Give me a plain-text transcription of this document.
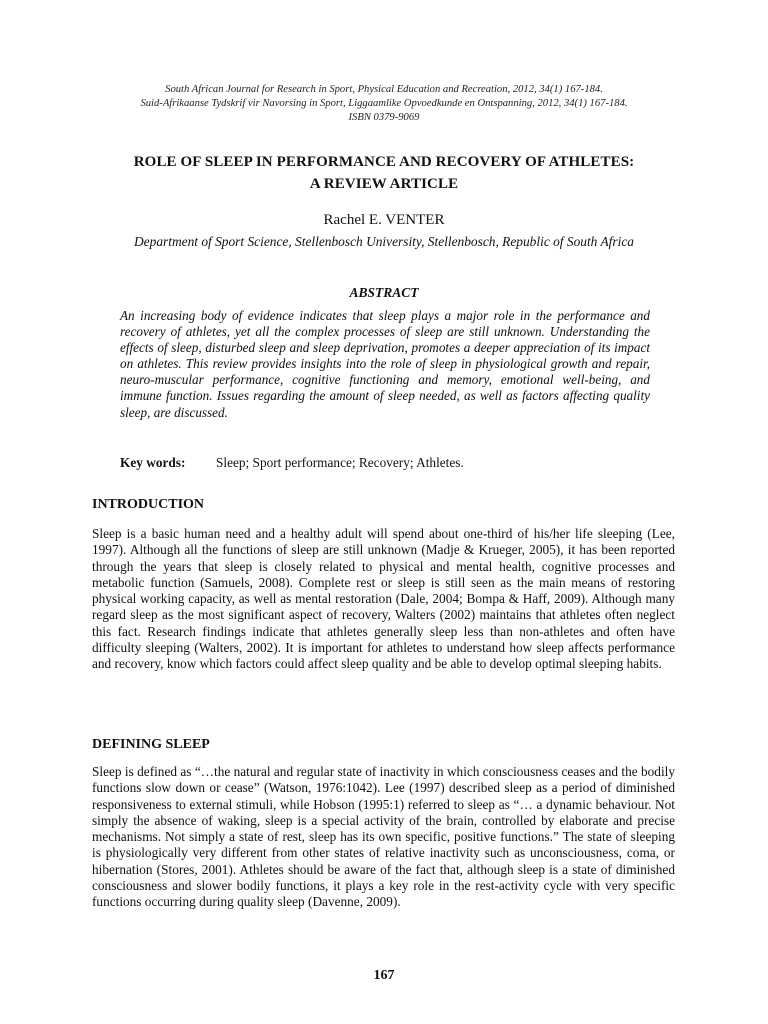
South African Journal for Research in Sport, Physical Education and Recreation, 2012, 34(1) 167-184.
Suid-Afrikaanse Tydskrif vir Navorsing in Sport, Liggaamlike Opvoedkunde en Ontspanning, 2012, 34(1) 167-184.
ISBN 0379-9069
ROLE OF SLEEP IN PERFORMANCE AND RECOVERY OF ATHLETES:
A REVIEW ARTICLE
Rachel E. VENTER
Department of Sport Science, Stellenbosch University, Stellenbosch, Republic of South Africa
ABSTRACT

An increasing body of evidence indicates that sleep plays a major role in the performance and recovery of athletes, yet all the complex processes of sleep are still unknown. Understanding the effects of sleep, disturbed sleep and sleep deprivation, promotes a deeper appreciation of its impact on athletes. This review provides insights into the role of sleep in physiological growth and repair, neuro-muscular performance, cognitive functioning and memory, emotional well-being, and immune function. Issues regarding the amount of sleep needed, as well as factors affecting quality sleep, are discussed.

Key words: Sleep; Sport performance; Recovery; Athletes.
INTRODUCTION

Sleep is a basic human need and a healthy adult will spend about one-third of his/her life sleeping (Lee, 1997). Although all the functions of sleep are still unknown (Madje & Krueger, 2005), it has been reported through the years that sleep is closely related to physical and mental health, cognitive processes and metabolic function (Samuels, 2008). Complete rest or sleep is still seen as the main means of restoring physical working capacity, as well as mental restoration (Dale, 2004; Bompa & Haff, 2009). Although many regard sleep as the most significant aspect of recovery, Walters (2002) maintains that athletes often neglect this fact. Research findings indicate that athletes generally sleep less than non-athletes and often have difficulty sleeping (Walters, 2002). It is important for athletes to understand how sleep affects performance and recovery, know which factors could affect sleep quality and be able to develop optimal sleeping habits.

DEFINING SLEEP

Sleep is defined as “…the natural and regular state of inactivity in which consciousness ceases and the bodily functions slow down or cease” (Watson, 1976:1042). Lee (1997) described sleep as a period of diminished responsiveness to external stimuli, while Hobson (1995:1) referred to sleep as “… a dynamic behaviour. Not simply the absence of waking, sleep is a special activity of the brain, controlled by elaborate and precise mechanisms. Not simply a state of rest, sleep has its own specific, positive functions.” The state of sleeping is physiologically very different from other states of relative inactivity such as unconsciousness, coma, or hibernation (Stores, 2001). Athletes should be aware of the fact that, although sleep is a state of diminished consciousness and slower bodily functions, it plays a key role in the rest-activity cycle with very specific functions occurring during quality sleep (Davenne, 2009).

167
